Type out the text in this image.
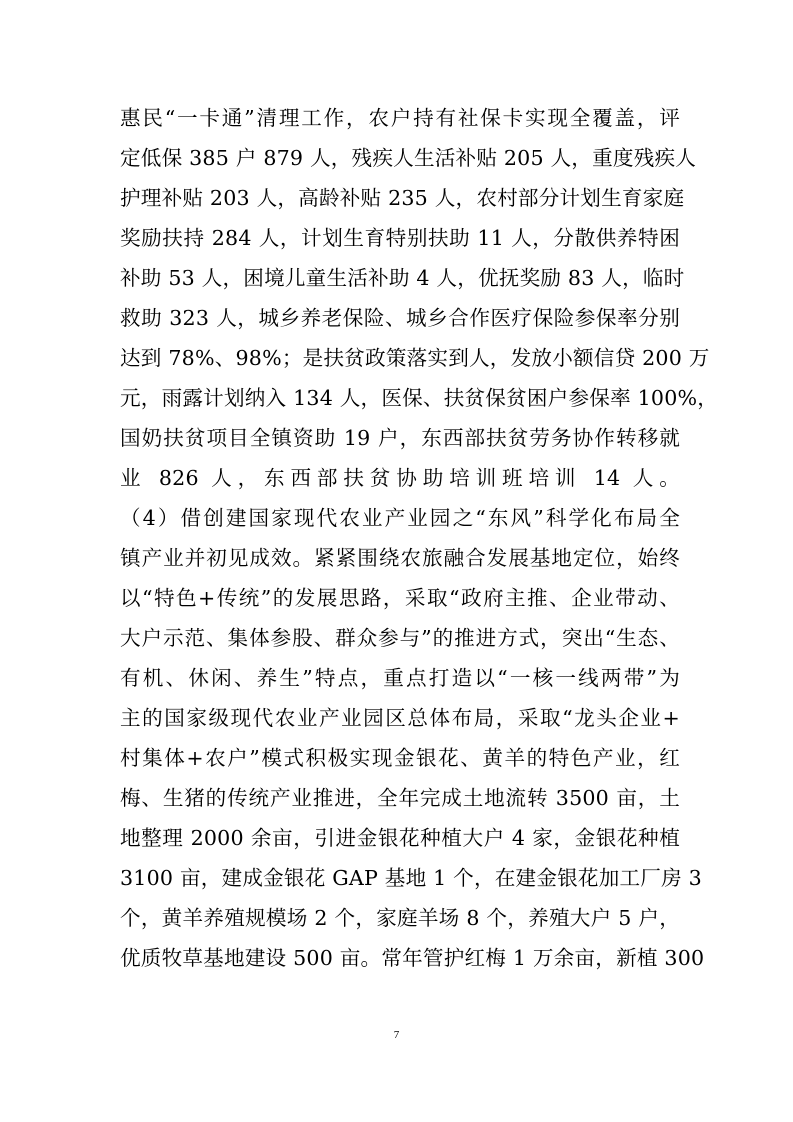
惠民“一卡通”清理工作，农户持有社保卡实现全覆盖，评
定低保 385 户 879 人，残疾人生活补贴 205 人，重度残疾人
护理补贴 203 人，高龄补贴 235 人，农村部分计划生育家庭
奖励扶持 284 人，计划生育特别扶助 11 人，分散供养特困
补助 53 人，困境儿童生活补助 4 人，优抚奖励 83 人，临时
救助 323 人，城乡养老保险、城乡合作医疗保险参保率分别
达到 78%、98%；是扶贫政策落实到人，发放小额信贷 200 万
元，雨露计划纳入 134 人，医保、扶贫保贫困户参保率 100%，
国奶扶贫项目全镇资助 19 户，东西部扶贫劳务协作转移就
业 826 人，东西部扶贫协助培训班培训 14 人。
（4）借创建国家现代农业产业园之“东风”科学化布局全
镇产业并初见成效。紧紧围绕农旅融合发展基地定位，始终
以“特色+传统”的发展思路，采取“政府主推、企业带动、
大户示范、集体参股、群众参与”的推进方式，突出“生态、
有机、休闲、养生”特点，重点打造以“一核一线两带”为
主的国家级现代农业产业园区总体布局，采取“龙头企业+
村集体+农户”模式积极实现金银花、黄羊的特色产业，红
梅、生猪的传统产业推进，全年完成土地流转 3500 亩，土
地整理 2000 余亩，引进金银花种植大户 4 家，金银花种植
3100 亩，建成金银花 GAP 基地 1 个，在建金银花加工厂房 3
个，黄羊养殖规模场 2 个，家庭羊场 8 个，养殖大户 5 户，
优质牧草基地建设 500 亩。常年管护红梅 1 万余亩，新植 300
7
